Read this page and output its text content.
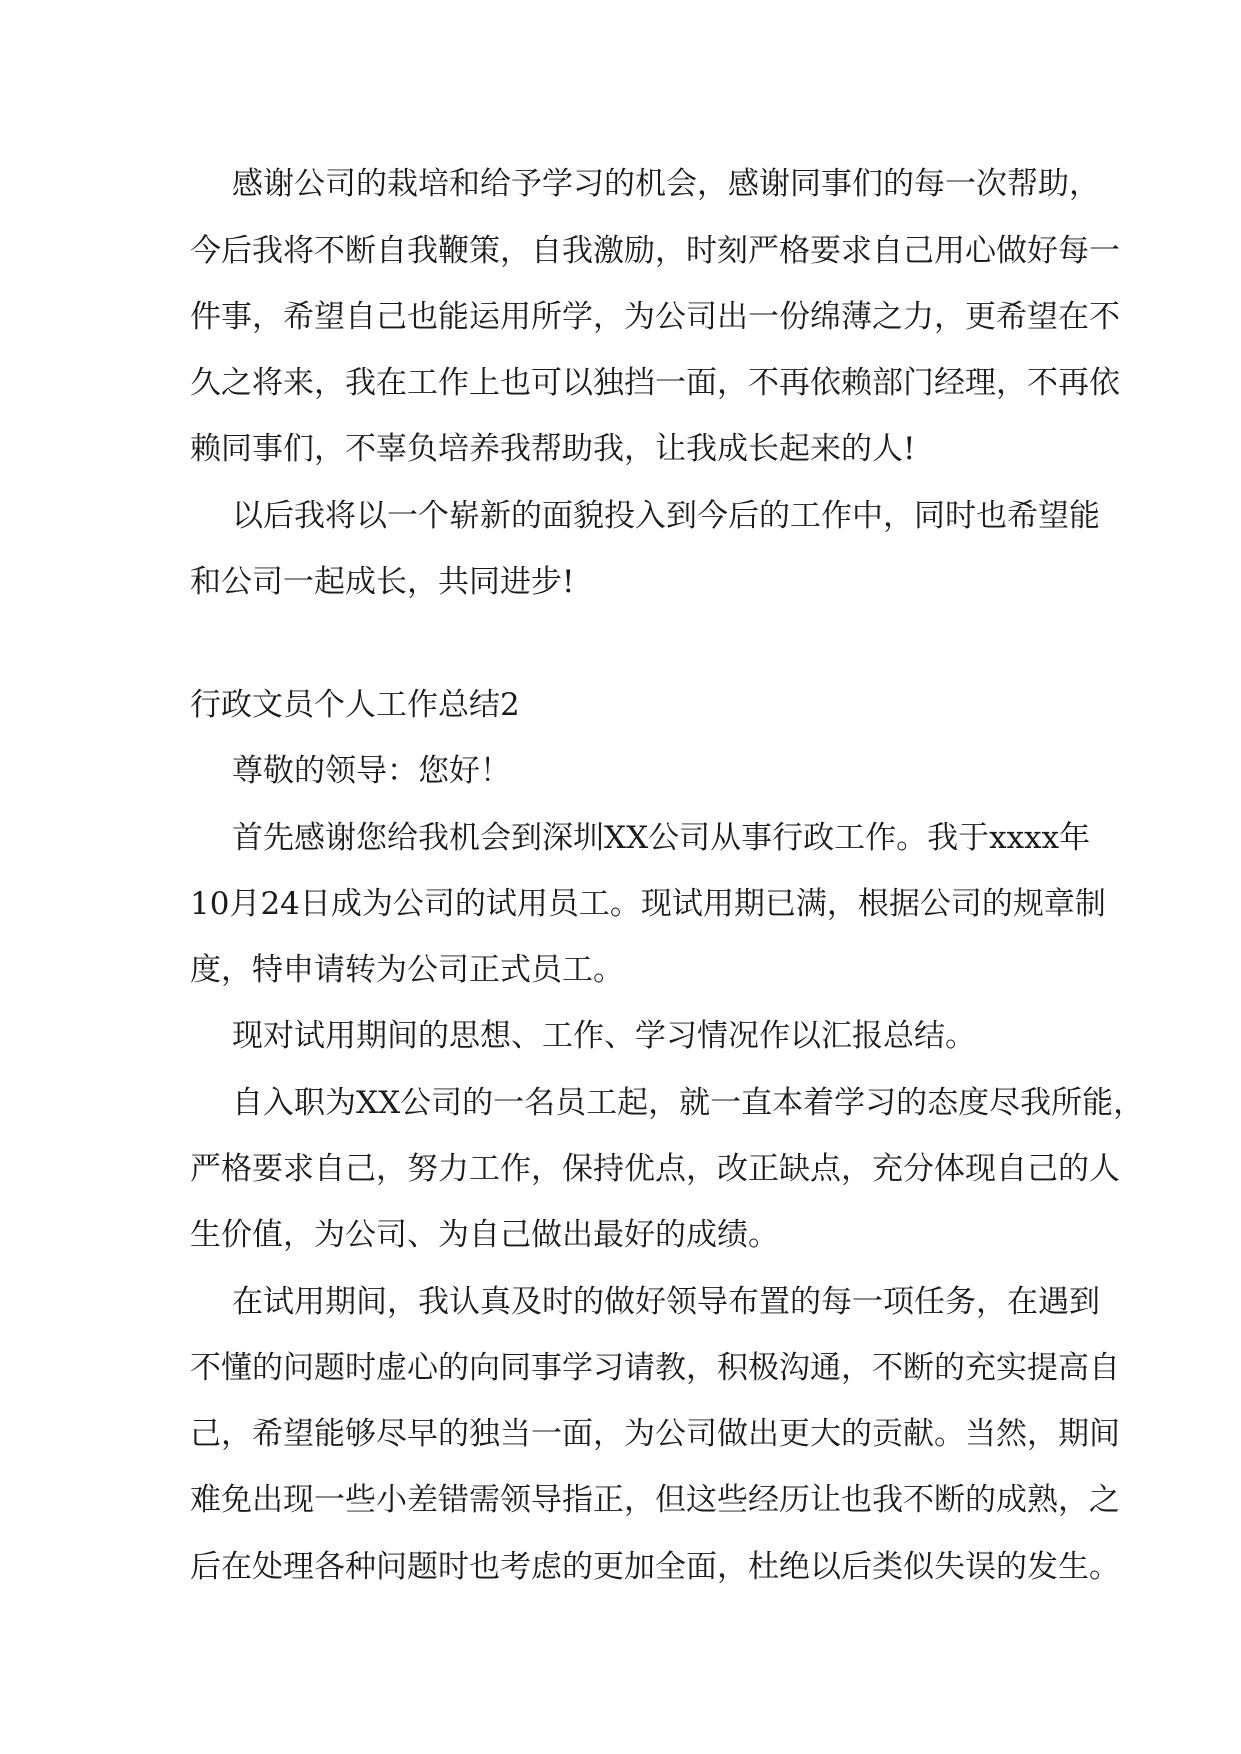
感谢公司的栽培和给予学习的机会，感谢同事们的每一次帮助，
今后我将不断自我鞭策，自我激励，时刻严格要求自己用心做好每一
件事，希望自己也能运用所学，为公司出一份绵薄之力，更希望在不
久之将来，我在工作上也可以独挡一面，不再依赖部门经理，不再依
赖同事们，不辜负培养我帮助我，让我成长起来的人!
以后我将以一个崭新的面貌投入到今后的工作中，同时也希望能
和公司一起成长，共同进步!
行政文员个人工作总结2
尊敬的领导：您好！
首先感谢您给我机会到深圳XX公司从事行政工作。我于xxxx年
10月24日成为公司的试用员工。现试用期已满，根据公司的规章制
度，特申请转为公司正式员工。
现对试用期间的思想、工作、学习情况作以汇报总结。
自入职为XX公司的一名员工起，就一直本着学习的态度尽我所能，
严格要求自己，努力工作，保持优点，改正缺点，充分体现自己的人
生价值，为公司、为自己做出最好的成绩。
在试用期间，我认真及时的做好领导布置的每一项任务，在遇到
不懂的问题时虚心的向同事学习请教，积极沟通，不断的充实提高自
己，希望能够尽早的独当一面，为公司做出更大的贡献。当然，期间
难免出现一些小差错需领导指正，但这些经历让也我不断的成熟，之
后在处理各种问题时也考虑的更加全面，杜绝以后类似失误的发生。
